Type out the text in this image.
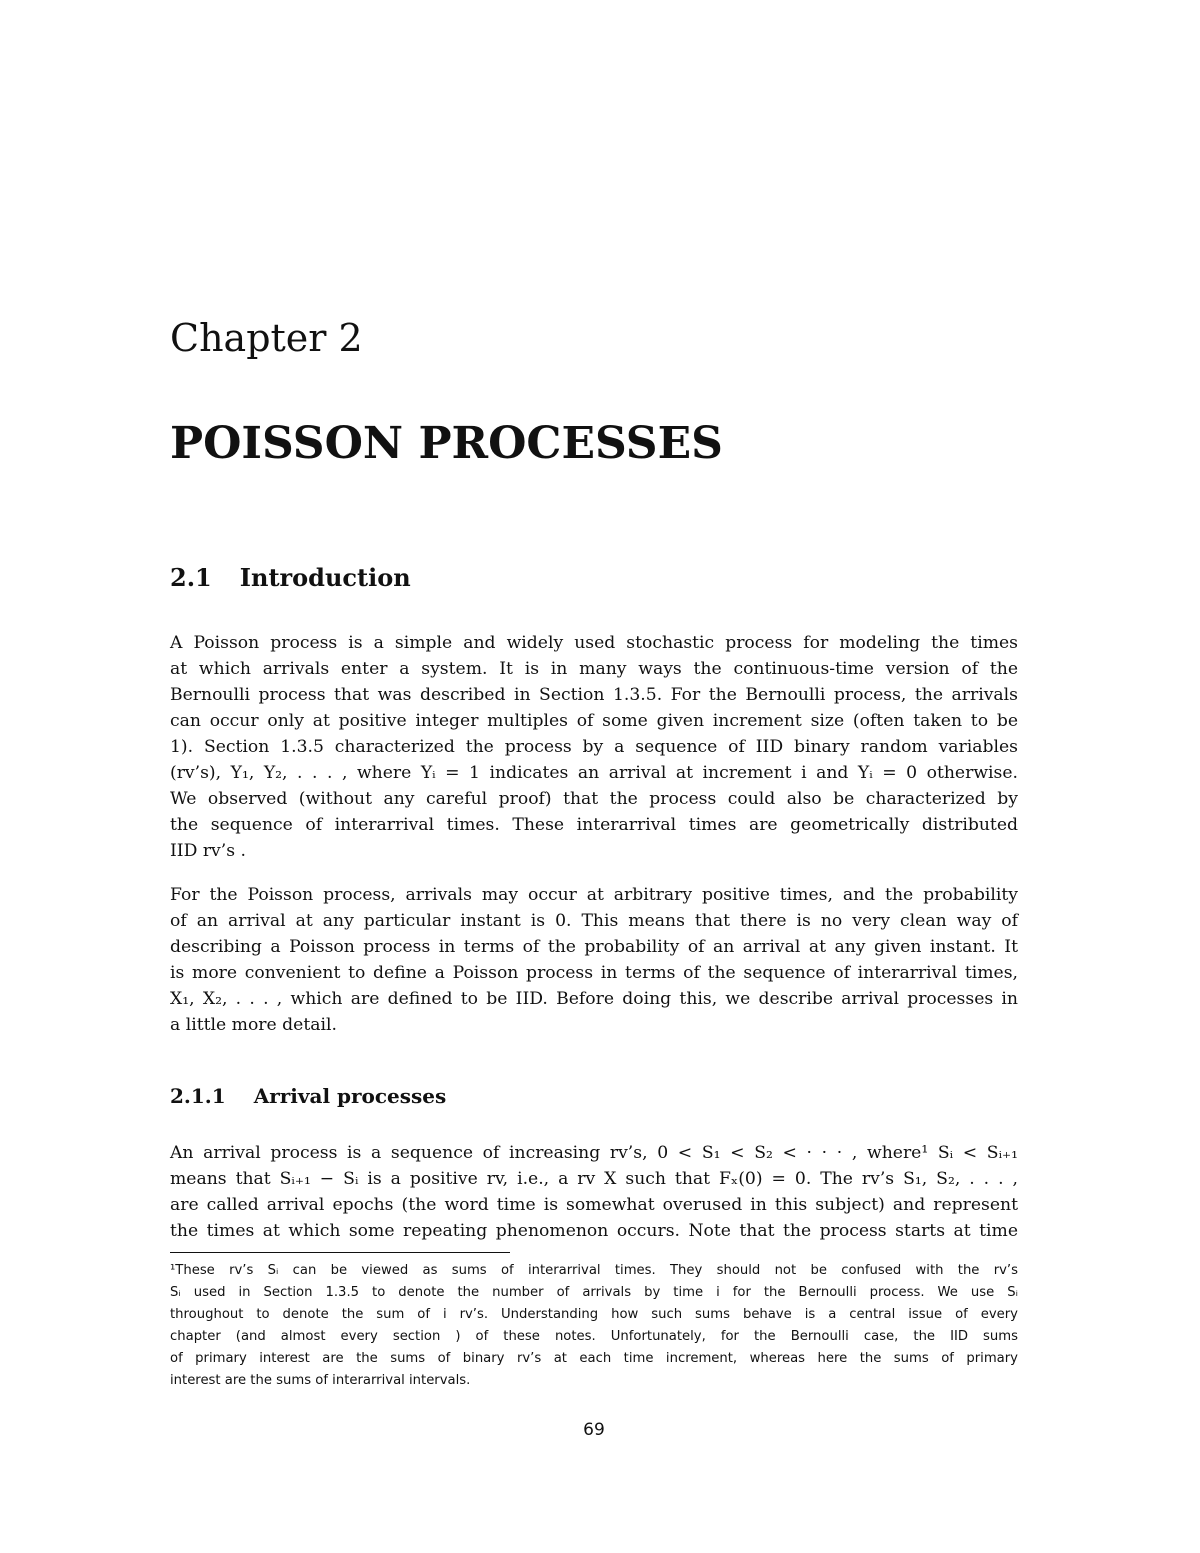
Chapter 2
POISSON PROCESSES
2.1 Introduction

A Poisson process is a simple and widely used stochastic process for modeling the times
at which arrivals enter a system. It is in many ways the continuous-time version of the
Bernoulli process that was described in Section 1.3.5. For the Bernoulli process, the arrivals
can occur only at positive integer multiples of some given increment size (often taken to be
1). Section 1.3.5 characterized the process by a sequence of IID binary random variables
(rv’s), Y₁, Y₂, . . . , where Yᵢ = 1 indicates an arrival at increment i and Yᵢ = 0 otherwise.
We observed (without any careful proof) that the process could also be characterized by
the sequence of interarrival times. These interarrival times are geometrically distributed
IID rv’s .

For the Poisson process, arrivals may occur at arbitrary positive times, and the probability
of an arrival at any particular instant is 0. This means that there is no very clean way of
describing a Poisson process in terms of the probability of an arrival at any given instant. It
is more convenient to define a Poisson process in terms of the sequence of interarrival times,
X₁, X₂, . . . , which are defined to be IID. Before doing this, we describe arrival processes in
a little more detail.

2.1.1 Arrival processes

An arrival process is a sequence of increasing rv’s, 0 < S₁ < S₂ < · · · , where¹ Sᵢ < Sᵢ₊₁
means that Sᵢ₊₁ − Sᵢ is a positive rv, i.e., a rv X such that Fₓ(0) = 0. The rv’s S₁, S₂, . . . ,
are called arrival epochs (the word time is somewhat overused in this subject) and represent
the times at which some repeating phenomenon occurs. Note that the process starts at time

¹These rv’s Sᵢ can be viewed as sums of interarrival times. They should not be confused with the rv’s
Sᵢ used in Section 1.3.5 to denote the number of arrivals by time i for the Bernoulli process. We use Sᵢ
throughout to denote the sum of i rv’s. Understanding how such sums behave is a central issue of every
chapter (and almost every section ) of these notes. Unfortunately, for the Bernoulli case, the IID sums
of primary interest are the sums of binary rv’s at each time increment, whereas here the sums of primary
interest are the sums of interarrival intervals.

69
